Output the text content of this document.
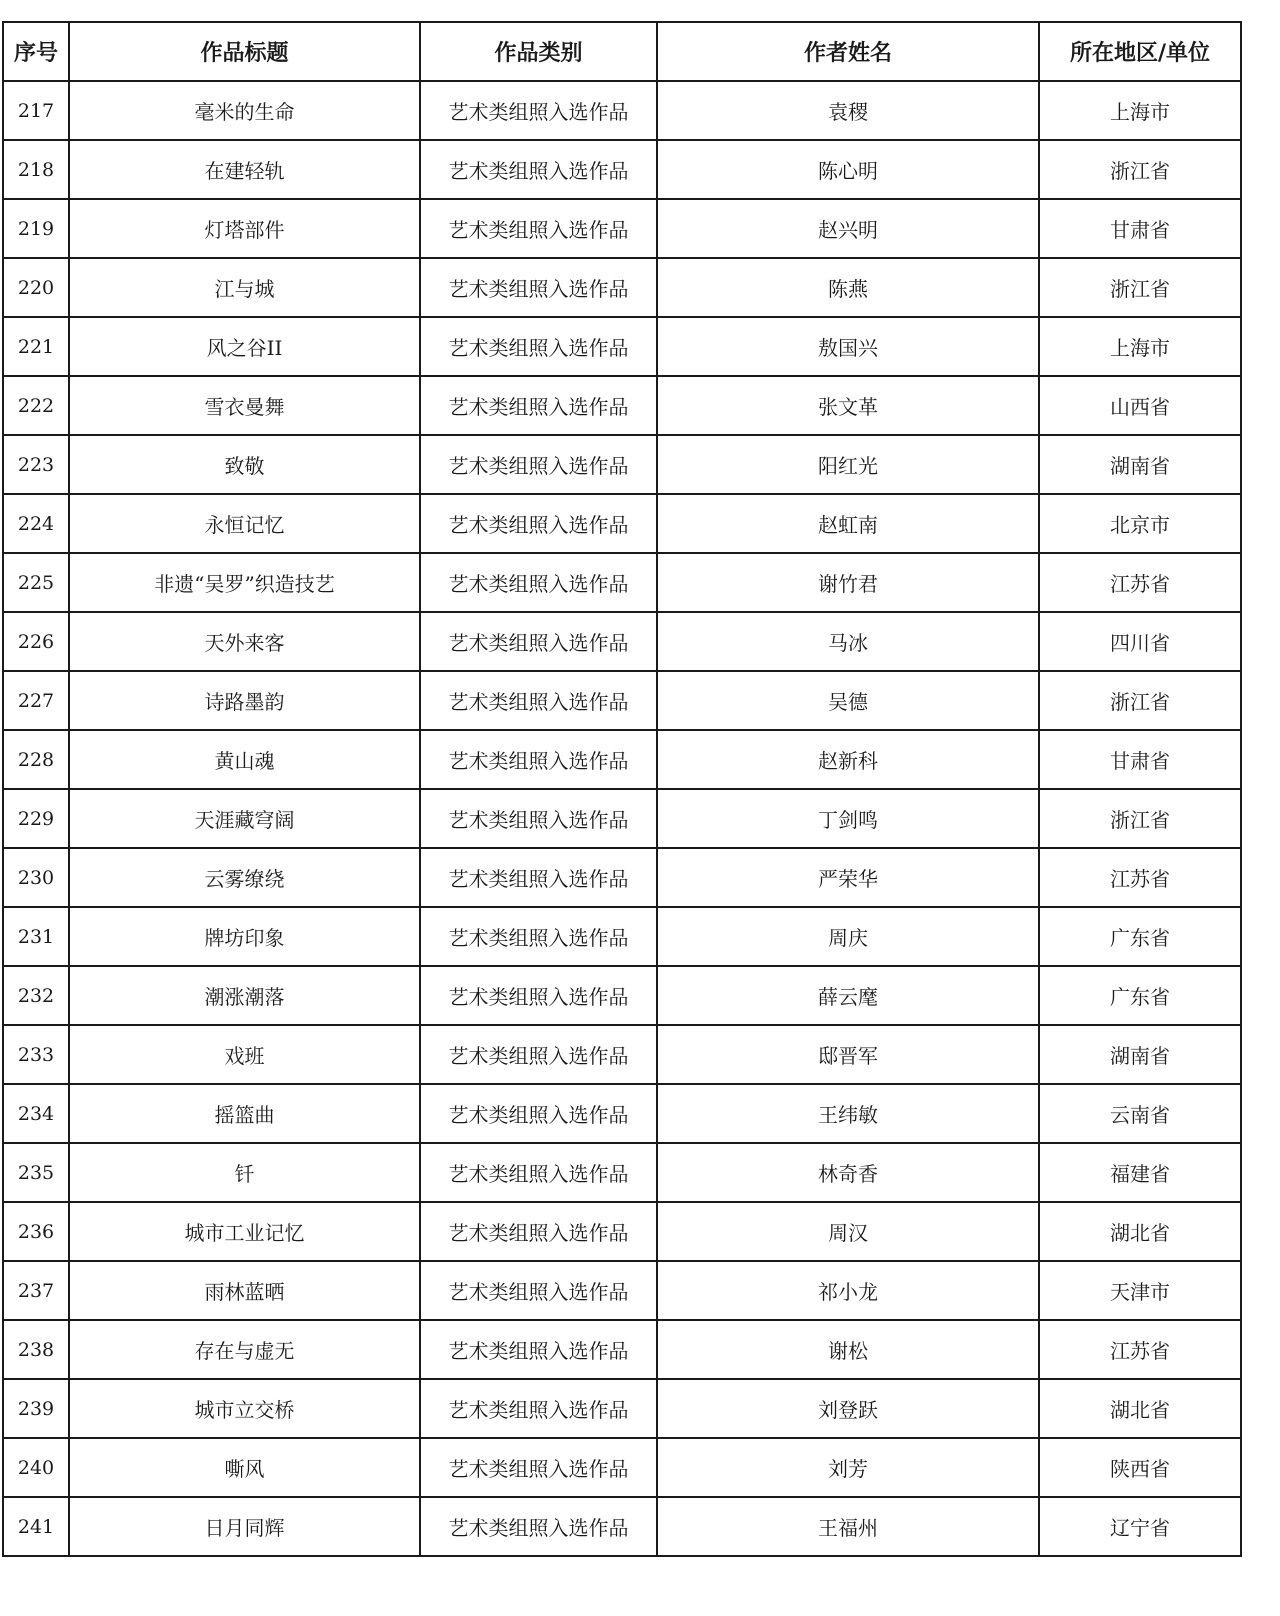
序号	作品标题	作品类别	作者姓名	所在地区/单位
217	毫米的生命	艺术类组照入选作品	袁稷	上海市
218	在建轻轨	艺术类组照入选作品	陈心明	浙江省
219	灯塔部件	艺术类组照入选作品	赵兴明	甘肃省
220	江与城	艺术类组照入选作品	陈燕	浙江省
221	风之谷II	艺术类组照入选作品	敖国兴	上海市
222	雪衣曼舞	艺术类组照入选作品	张文革	山西省
223	致敬	艺术类组照入选作品	阳红光	湖南省
224	永恒记忆	艺术类组照入选作品	赵虹南	北京市
225	非遗“吴罗”织造技艺	艺术类组照入选作品	谢竹君	江苏省
226	天外来客	艺术类组照入选作品	马冰	四川省
227	诗路墨韵	艺术类组照入选作品	吴德	浙江省
228	黄山魂	艺术类组照入选作品	赵新科	甘肃省
229	天涯藏穹阔	艺术类组照入选作品	丁剑鸣	浙江省
230	云雾缭绕	艺术类组照入选作品	严荣华	江苏省
231	牌坊印象	艺术类组照入选作品	周庆	广东省
232	潮涨潮落	艺术类组照入选作品	薛云麾	广东省
233	戏班	艺术类组照入选作品	邸晋军	湖南省
234	摇篮曲	艺术类组照入选作品	王纬敏	云南省
235	钎	艺术类组照入选作品	林奇香	福建省
236	城市工业记忆	艺术类组照入选作品	周汉	湖北省
237	雨林蓝晒	艺术类组照入选作品	祁小龙	天津市
238	存在与虚无	艺术类组照入选作品	谢松	江苏省
239	城市立交桥	艺术类组照入选作品	刘登跃	湖北省
240	嘶风	艺术类组照入选作品	刘芳	陕西省
241	日月同辉	艺术类组照入选作品	王福州	辽宁省
